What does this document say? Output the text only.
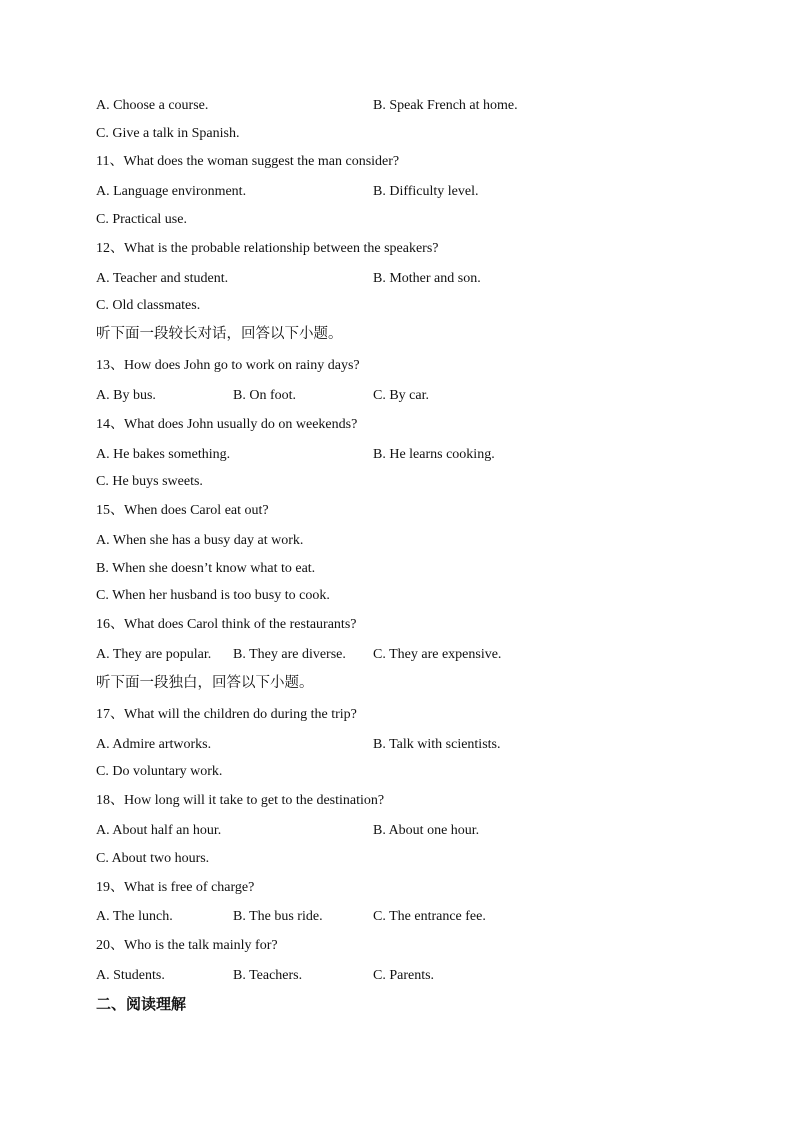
A. Choose a course.	B. Speak French at home.
C. Give a talk in Spanish.
11、What does the woman suggest the man consider?
A. Language environment.	B. Difficulty level.
C. Practical use.
12、What is the probable relationship between the speakers?
A. Teacher and student.	B. Mother and son.
C. Old classmates.
听下面一段较长对话，回答以下小题。
13、How does John go to work on rainy days?
A. By bus.	B. On foot.	C. By car.
14、What does John usually do on weekends?
A. He bakes something.	B. He learns cooking.
C. He buys sweets.
15、When does Carol eat out?
A. When she has a busy day at work.
B. When she doesn’t know what to eat.
C. When her husband is too busy to cook.
16、What does Carol think of the restaurants?
A. They are popular. B. They are diverse. C. They are expensive.
听下面一段独白，回答以下小题。
17、What will the children do during the trip?
A. Admire artworks.	B. Talk with scientists.
C. Do voluntary work.
18、How long will it take to get to the destination?
A. About half an hour.	B. About one hour.
C. About two hours.
19、What is free of charge?
A. The lunch.	B. The bus ride.	C. The entrance fee.
20、Who is the talk mainly for?
A. Students.	B. Teachers.	C. Parents.
二、阅读理解
